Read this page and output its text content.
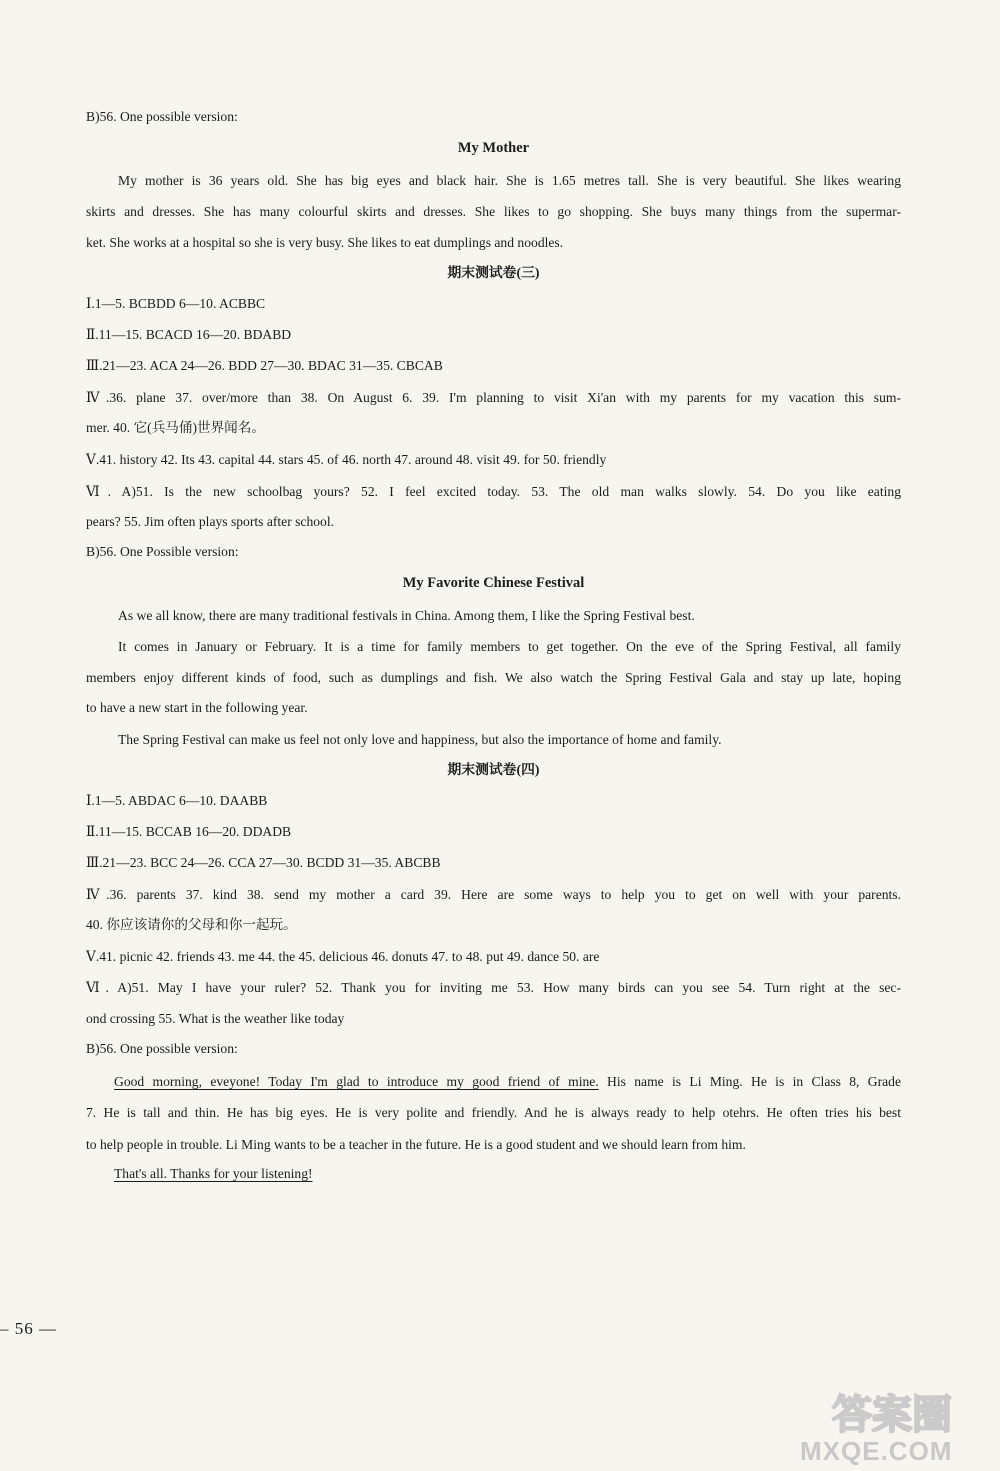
B)56. One possible version:
My Mother
My mother is 36 years old. She has big eyes and black hair. She is 1.65 metres tall. She is very beautiful. She likes wearing
skirts and dresses. She has many colourful skirts and dresses. She likes to go shopping. She buys many things from the supermar-
ket. She works at a hospital so she is very busy. She likes to eat dumplings and noodles.
期末测试卷(三)
Ⅰ.1—5. BCBDD 6—10. ACBBC
Ⅱ.11—15. BCACD 16—20. BDABD
Ⅲ.21—23. ACA 24—26. BDD 27—30. BDAC 31—35. CBCAB
Ⅳ.36. plane 37. over/more than 38. On August 6. 39. I'm planning to visit Xi'an with my parents for my vacation this sum-
mer. 40. 它(兵马俑)世界闻名。
Ⅴ.41. history 42. Its 43. capital 44. stars 45. of 46. north 47. around 48. visit 49. for 50. friendly
Ⅵ. A)51. Is the new schoolbag yours? 52. I feel excited today. 53. The old man walks slowly. 54. Do you like eating
pears? 55. Jim often plays sports after school.
B)56. One Possible version:
My Favorite Chinese Festival
As we all know, there are many traditional festivals in China. Among them, I like the Spring Festival best.
It comes in January or February. It is a time for family members to get together. On the eve of the Spring Festival, all family
members enjoy different kinds of food, such as dumplings and fish. We also watch the Spring Festival Gala and stay up late, hoping
to have a new start in the following year.
The Spring Festival can make us feel not only love and happiness, but also the importance of home and family.
期末测试卷(四)
Ⅰ.1—5. ABDAC 6—10. DAABB
Ⅱ.11—15. BCCAB 16—20. DDADB
Ⅲ.21—23. BCC 24—26. CCA 27—30. BCDD 31—35. ABCBB
Ⅳ.36. parents 37. kind 38. send my mother a card 39. Here are some ways to help you to get on well with your parents.
40. 你应该请你的父母和你一起玩。
Ⅴ.41. picnic 42. friends 43. me 44. the 45. delicious 46. donuts 47. to 48. put 49. dance 50. are
Ⅵ. A)51. May I have your ruler? 52. Thank you for inviting me 53. How many birds can you see 54. Turn right at the sec-
ond crossing 55. What is the weather like today
B)56. One possible version:
Good morning, eveyone! Today I'm glad to introduce my good friend of mine. His name is Li Ming. He is in Class 8, Grade
7. He is tall and thin. He has big eyes. He is very polite and friendly. And he is always ready to help otehrs. He often tries his best
to help people in trouble. Li Ming wants to be a teacher in the future. He is a good student and we should learn from him.
That's all. Thanks for your listening!
– 56 —
答案圈
MXQE.COM
